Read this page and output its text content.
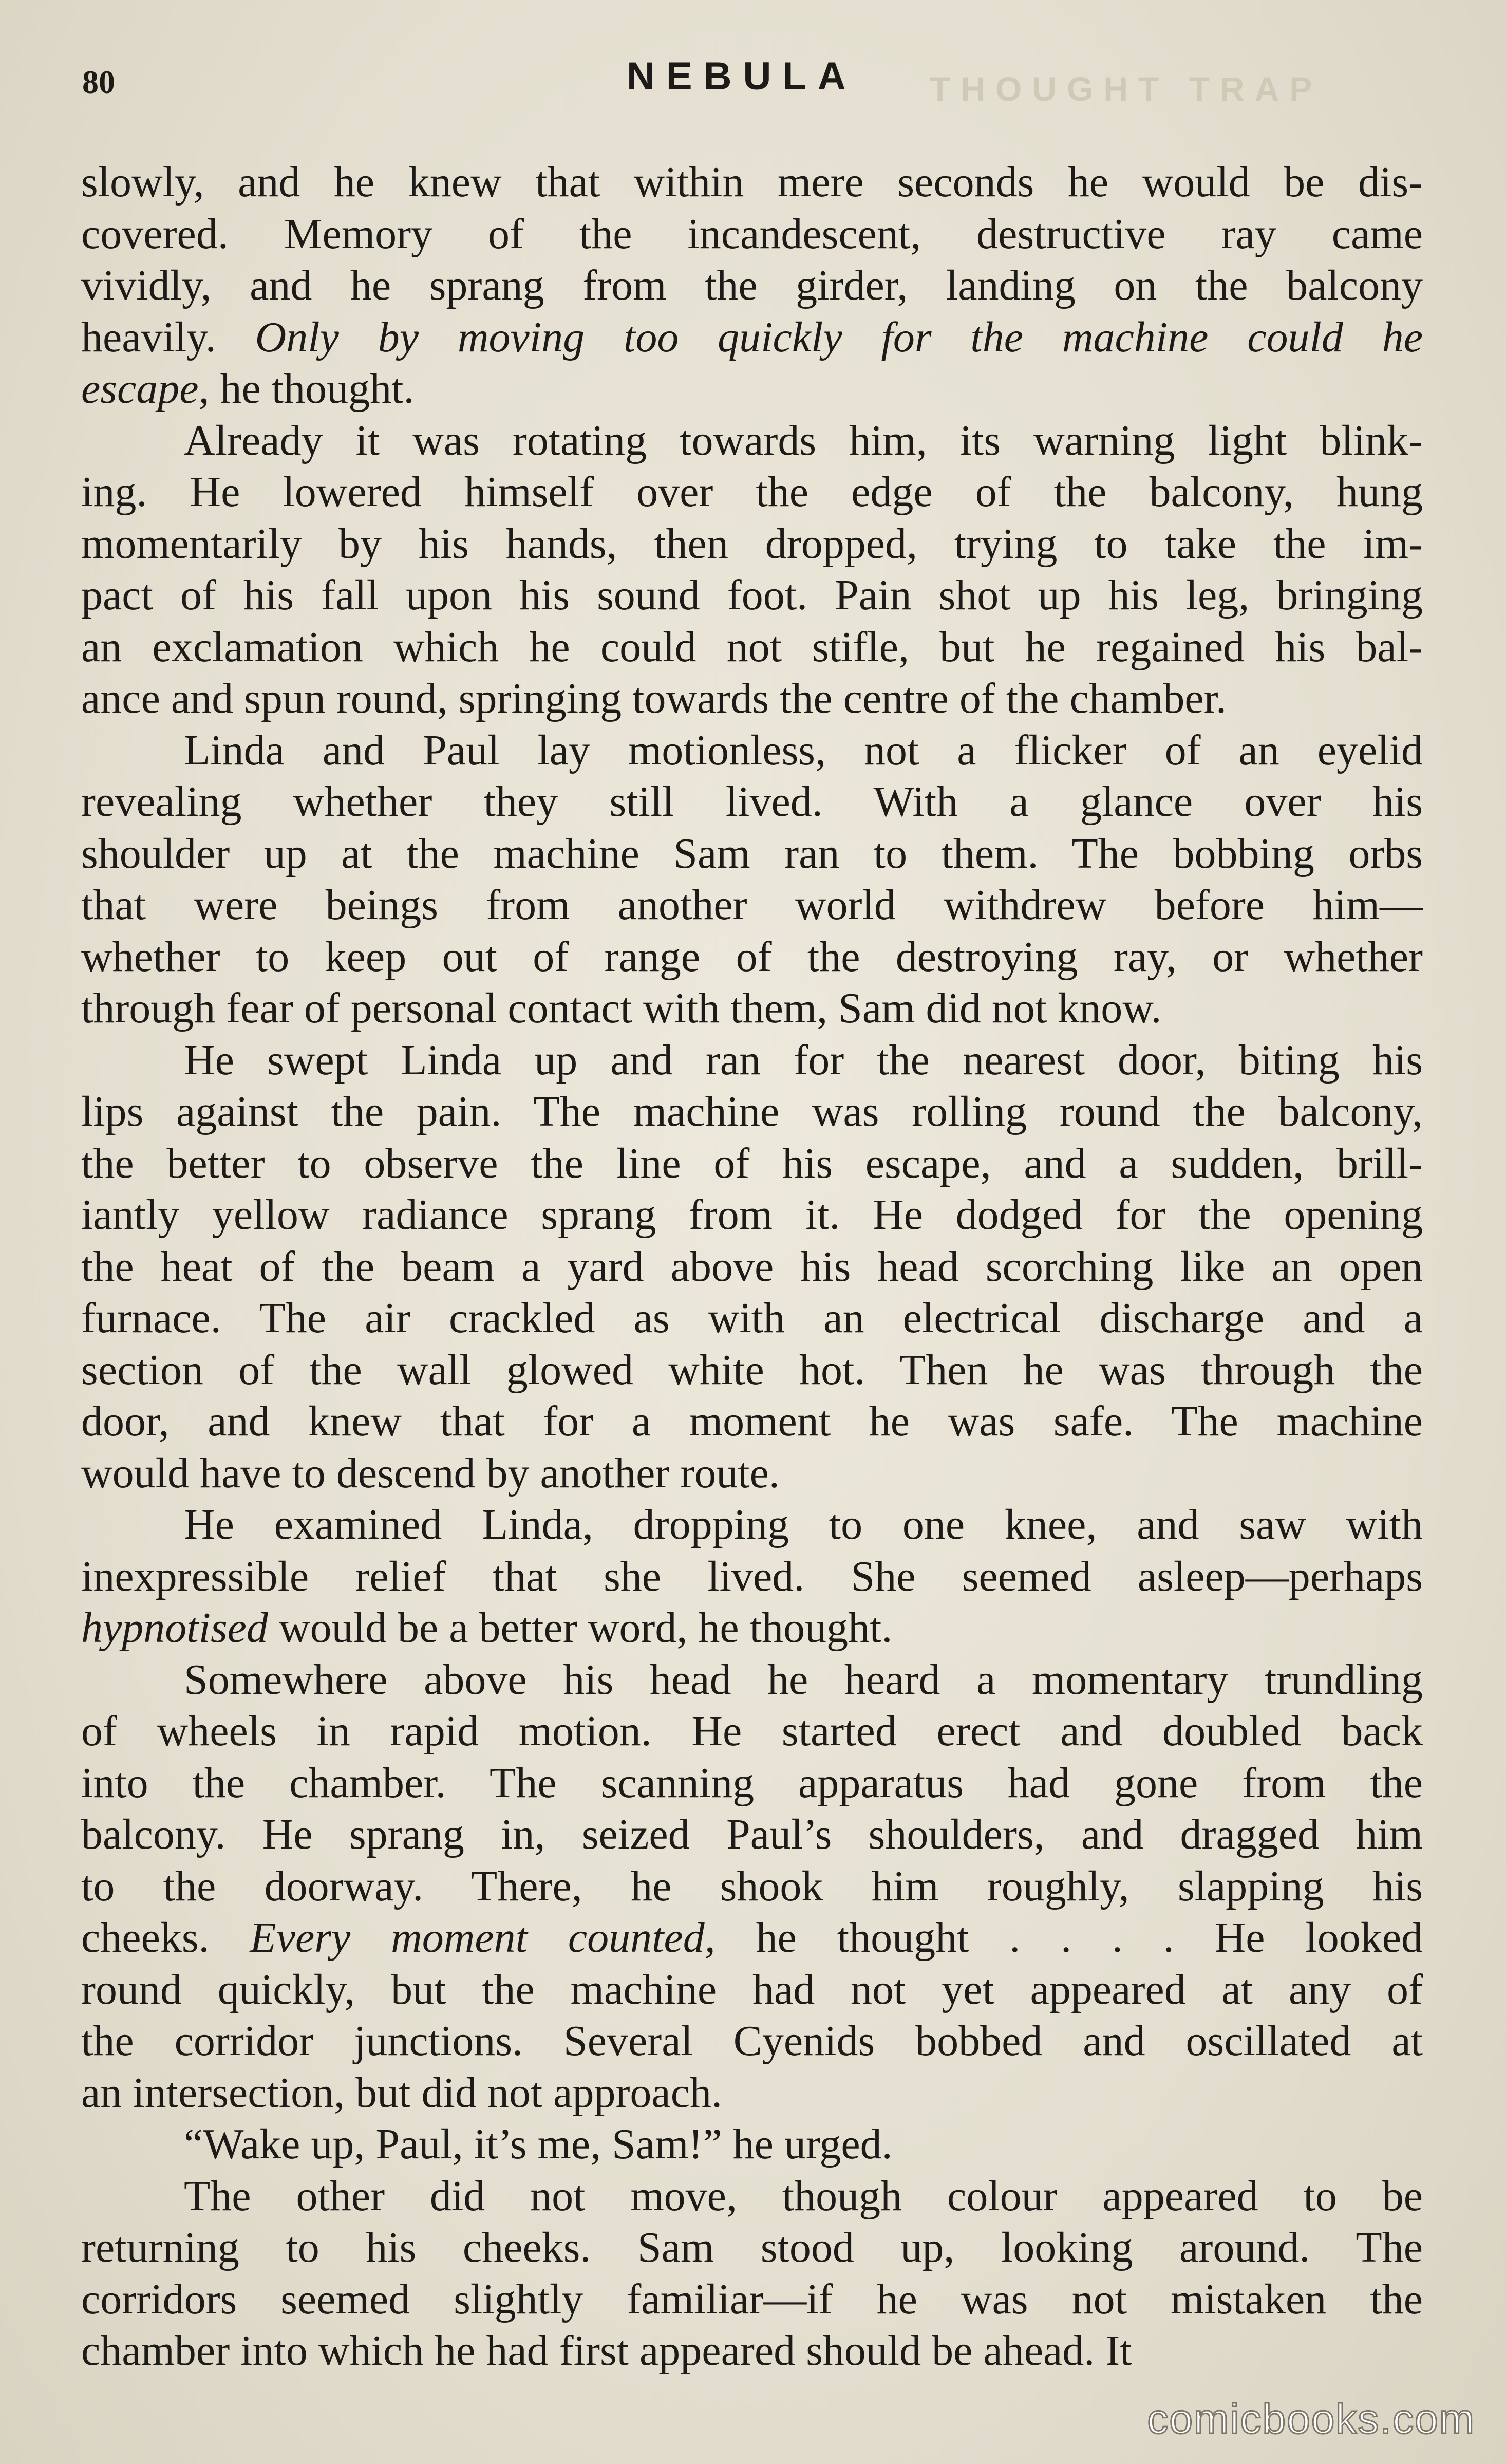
80	NEBULA THOUGHT TRAP

slowly, and he knew that within mere seconds he would be dis-
covered. Memory of the incandescent, destructive ray came
vividly, and he sprang from the girder, landing on the balcony
heavily. Only by moving too quickly for the machine could he
escape, he thought.

Already it was rotating towards him, its warning light blink-
ing. He lowered himself over the edge of the balcony, hung
momentarily by his hands, then dropped, trying to take the im-
pact of his fall upon his sound foot. Pain shot up his leg, bringing
an exclamation which he could not stifle, but he regained his bal-
ance and spun round, springing towards the centre of the chamber.

Linda and Paul lay motionless, not a flicker of an eyelid
revealing whether they still lived. With a glance over his
shoulder up at the machine Sam ran to them. The bobbing orbs
that were beings from another world withdrew before him—
whether to keep out of range of the destroying ray, or whether
through fear of personal contact with them, Sam did not know.

He swept Linda up and ran for the nearest door, biting his
lips against the pain. The machine was rolling round the balcony,
the better to observe the line of his escape, and a sudden, brill-
iantly yellow radiance sprang from it. He dodged for the opening
the heat of the beam a yard above his head scorching like an open
furnace. The air crackled as with an electrical discharge and a
section of the wall glowed white hot. Then he was through the
door, and knew that for a moment he was safe. The machine
would have to descend by another route.

He examined Linda, dropping to one knee, and saw with
inexpressible relief that she lived. She seemed asleep—perhaps
hypnotised would be a better word, he thought.

Somewhere above his head he heard a momentary trundling
of wheels in rapid motion. He started erect and doubled back
into the chamber. The scanning apparatus had gone from the
balcony. He sprang in, seized Paul’s shoulders, and dragged him
to the doorway. There, he shook him roughly, slapping his
cheeks. Every moment counted, he thought . . . . He looked
round quickly, but the machine had not yet appeared at any of
the corridor junctions. Several Cyenids bobbed and oscillated at
an intersection, but did not approach.

“Wake up, Paul, it’s me, Sam!” he urged.

The other did not move, though colour appeared to be
returning to his cheeks. Sam stood up, looking around. The
corridors seemed slightly familiar—if he was not mistaken the
chamber into which he had first appeared should be ahead. It

comicbooks.com
